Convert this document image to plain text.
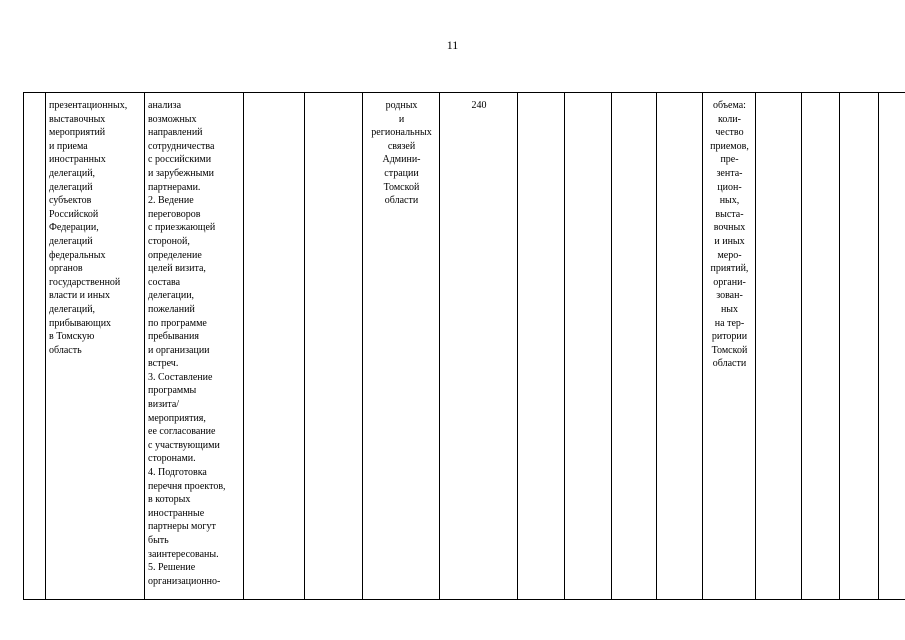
11
	презентационных,
выставочных
мероприятий
и приема
иностранных
делегаций,
делегаций
субъектов
Российской
Федерации,
делегаций
федеральных
органов
государственной
власти и иных
делегаций,
прибывающих
в Томскую
область	анализа
возможных
направлений
сотрудничества
с российскими
и зарубежными
партнерами.
2. Ведение
переговоров
с приезжающей
стороной,
определение
целей визита,
состава
делегации,
пожеланий
по программе
пребывания
и организации
встреч.
3. Составление
программы
визита/
мероприятия,
ее согласование
с участвующими
сторонами.
4. Подготовка
перечня проектов,
в которых
иностранные
партнеры могут
быть
заинтересованы.
5. Решение
организационно-			родных
и
региональных
связей
Админи-
страции
Томской
области	240					объема:
коли-
чество
приемов,
пре-
зента-
цион-
ных,
выста-
вочных
и иных
меро-
приятий,
органи-
зован-
ных
на тер-
ритории
Томской
области				
